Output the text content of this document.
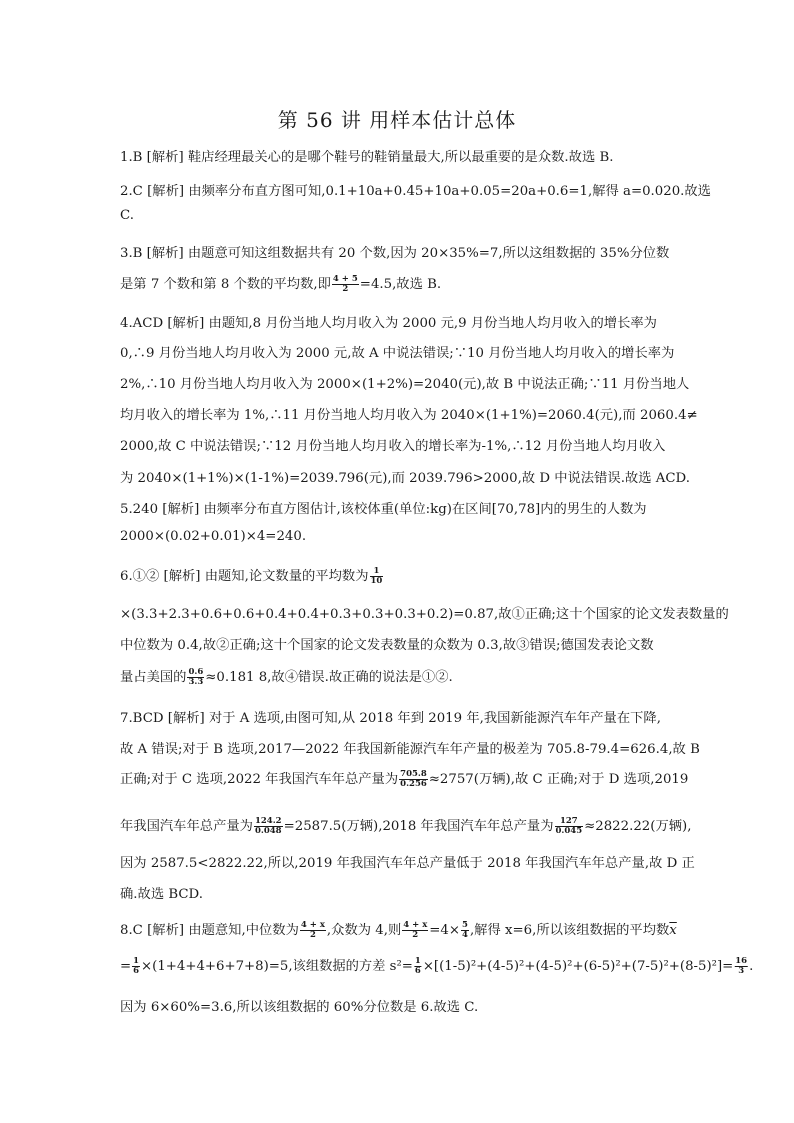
第 56 讲 用样本估计总体
1.B [解析] 鞋店经理最关心的是哪个鞋号的鞋销量最大,所以最重要的是众数.故选 B.
2.C [解析] 由频率分布直方图可知,0.1+10a+0.45+10a+0.05=20a+0.6=1,解得 a=0.020.故选
C.
3.B [解析] 由题意可知这组数据共有 20 个数,因为 20×35%=7,所以这组数据的 35%分位数
是第 7 个数和第 8 个数的平均数,即 $\frac{4 + 5}{2} =4.5$,故选 B.
4.ACD [解析] 由题知,8 月份当地人均月收入为 2000 元,9 月份当地人均月收入的增长率为
0,∴9 月份当地人均月收入为 2000 元,故 A 中说法错误;∵10 月份当地人均月收入的增长率为
2%,∴10 月份当地人均月收入为 2000×(1+2%)=2040(元),故 B 中说法正确;∵11 月份当地人
均月收入的增长率为 1%,∴11 月份当地人均月收入为 2040×(1+1%)=2060.4(元),而 2060.4≠
2000,故 C 中说法错误;∵12 月份当地人均月收入的增长率为-1%,∴12 月份当地人均月收入
为 2040×(1+1%)×(1-1%)=2039.796(元),而 2039.796>2000,故 D 中说法错误.故选 ACD.
5.240 [解析] 由频率分布直方图估计,该校体重(单位:kg)在区间[70,78]内的男生的人数为
2000×(0.02+0.01)×4=240.
6.①② [解析] 由题知,论文数量的平均数为 $\frac{1}{10}$
×(3.3+2.3+0.6+0.6+0.4+0.4+0.3+0.3+0.3+0.2)=0.87,故①正确;这十个国家的论文发表数量的
中位数为 0.4,故②正确;这十个国家的论文发表数量的众数为 0.3,故③错误;德国发表论文数
量占美国的 $\frac{0.6}{3.3} \approx 0.181$ 8,故④错误.故正确的说法是①②.
7.BCD [解析] 对于 A 选项,由图可知,从 2018 年到 2019 年,我国新能源汽车年产量在下降,
故 A 错误;对于 B 选项,2017—2022 年我国新能源汽车年产量的极差为 705.8-79.4=626.4,故 B
正确;对于 C 选项,2022 年我国汽车年总产量为 $\frac{705.8}{0.256} \approx 2757$(万辆),故 C 正确;对于 D 选项,2019
年我国汽车年总产量为 $\frac{124.2}{0.048} =2587.5$(万辆),2018 年我国汽车年总产量为 $\frac{127}{0.045} \approx 2822.22$(万辆),
因为 2587.5<2822.22,所以,2019 年我国汽车年总产量低于 2018 年我国汽车年总产量,故 D 正
确.故选 BCD.
8.C [解析] 由题意知,中位数为 $\frac{4 + x}{2}$ ,众数为 4,则 $\frac{4 + x}{2} =4\times \frac{5}{4}$ ,解得 x=6,所以该组数据的平均数$\overline{x}$
= $\frac{1}{6} \times(1+4+4+6+7+8)=5$,该组数据的方差 $s^2= \frac{1}{6} \times[(1-5)^2+(4-5)^2+(4-5)^2+(6-5)^2+(7-5)^2+(8-5)^2]= \frac{16}{3}$ .
因为 6×60%=3.6,所以该组数据的 60%分位数是 6.故选 C.
